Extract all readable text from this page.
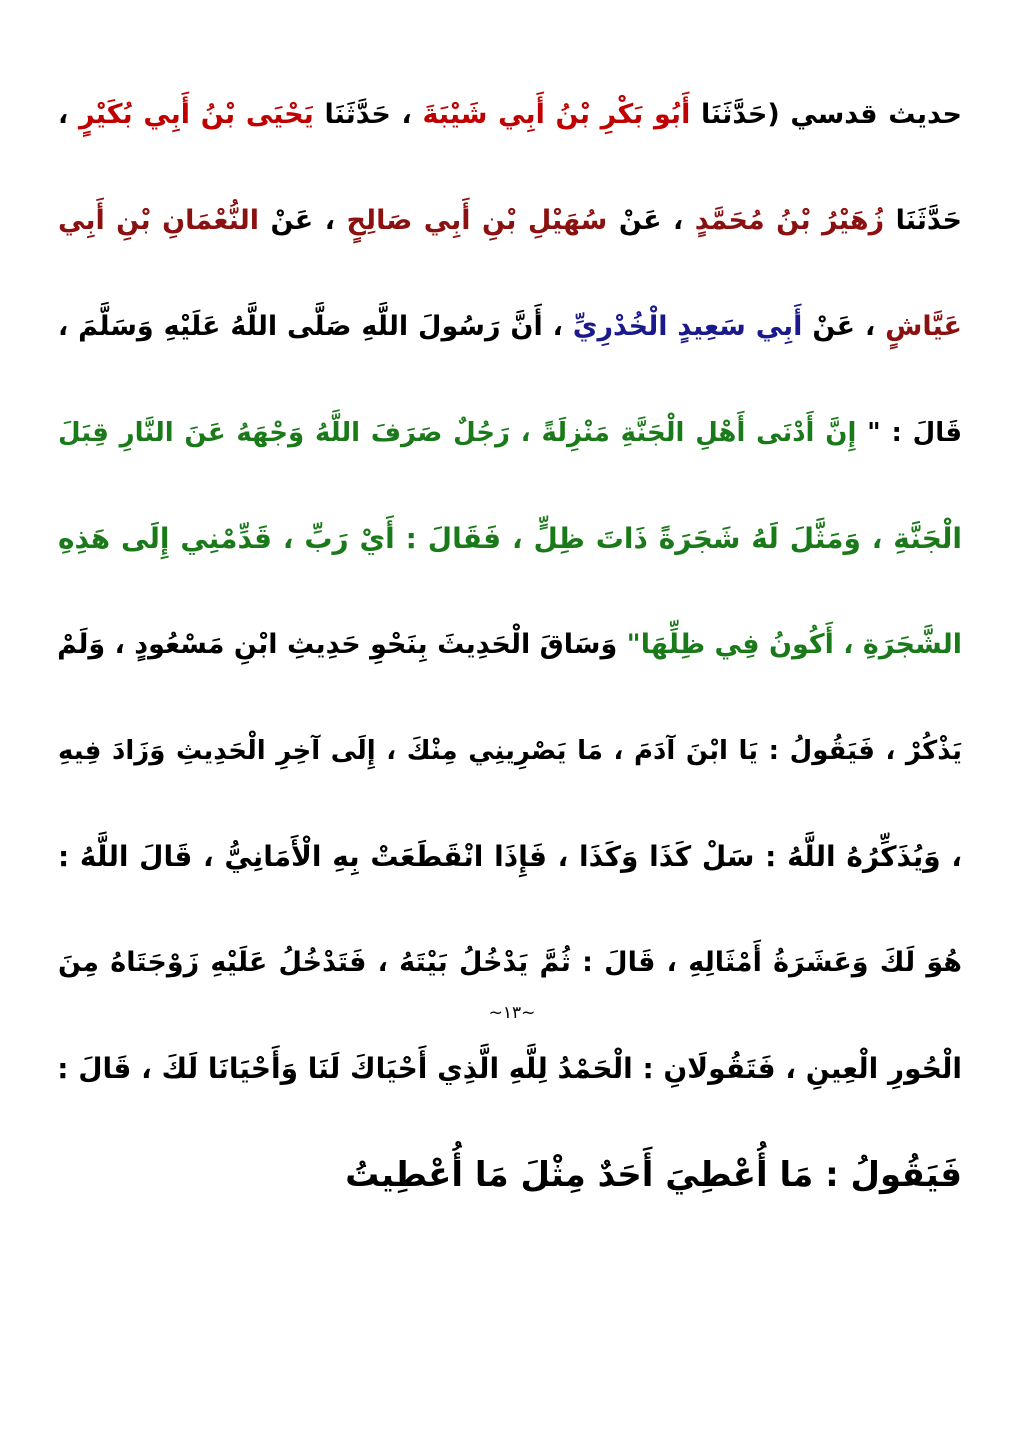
حديث قدسي (حَدَّثَنَا أَبُو بَكْرِ بْنُ أَبِي شَيْبَةَ ، حَدَّثَنَا يَحْيَى بْنُ أَبِي بُكَيْرٍ ،
حَدَّثَنَا زُهَيْرُ بْنُ مُحَمَّدٍ ، عَنْ سُهَيْلِ بْنِ أَبِي صَالِحٍ ، عَنْ النُّعْمَانِ بْنِ أَبِي
عَيَّاشٍ ، عَنْ أَبِي سَعِيدٍ الْخُدْرِيِّ ، أَنَّ رَسُولَ اللَّهِ صَلَّى اللَّهُ عَلَيْهِ وَسَلَّمَ ،
قَالَ : " إِنَّ أَدْنَى أَهْلِ الْجَنَّةِ مَنْزِلَةً ، رَجُلٌ صَرَفَ اللَّهُ وَجْهَهُ عَنَ النَّارِ قِبَلَ
الْجَنَّةِ ، وَمَثَّلَ لَهُ شَجَرَةً ذَاتَ ظِلٍّ ، فَقَالَ : أَيْ رَبِّ ، قَدِّمْنِي إِلَى هَذِهِ
الشَّجَرَةِ ، أَكُونُ فِي ظِلِّهَا" وَسَاقَ الْحَدِيثَ بِنَحْوِ حَدِيثِ ابْنِ مَسْعُودٍ ، وَلَمْ
يَذْكُرْ ، فَيَقُولُ : يَا ابْنَ آدَمَ ، مَا يَصْرِينِي مِنْكَ ، إِلَى آخِرِ الْحَدِيثِ وَزَادَ فِيهِ
، وَيُذَكِّرُهُ اللَّهُ : سَلْ كَذَا وَكَذَا ، فَإِذَا انْقَطَعَتْ بِهِ الْأَمَانِيُّ ، قَالَ اللَّهُ :
هُوَ لَكَ وَعَشَرَةُ أَمْثَالِهِ ، قَالَ : ثُمَّ يَدْخُلُ بَيْتَهُ ، فَتَدْخُلُ عَلَيْهِ زَوْجَتَاهُ مِنَ
الْحُورِ الْعِينِ ، فَتَقُولَانِ : الْحَمْدُ لِلَّهِ الَّذِي أَحْيَاكَ لَنَا وَأَحْيَانَا لَكَ ، قَالَ :
فَيَقُولُ : مَا أُعْطِيَ أَحَدٌ مِثْلَ مَا أُعْطِيتُ
~١٣~
